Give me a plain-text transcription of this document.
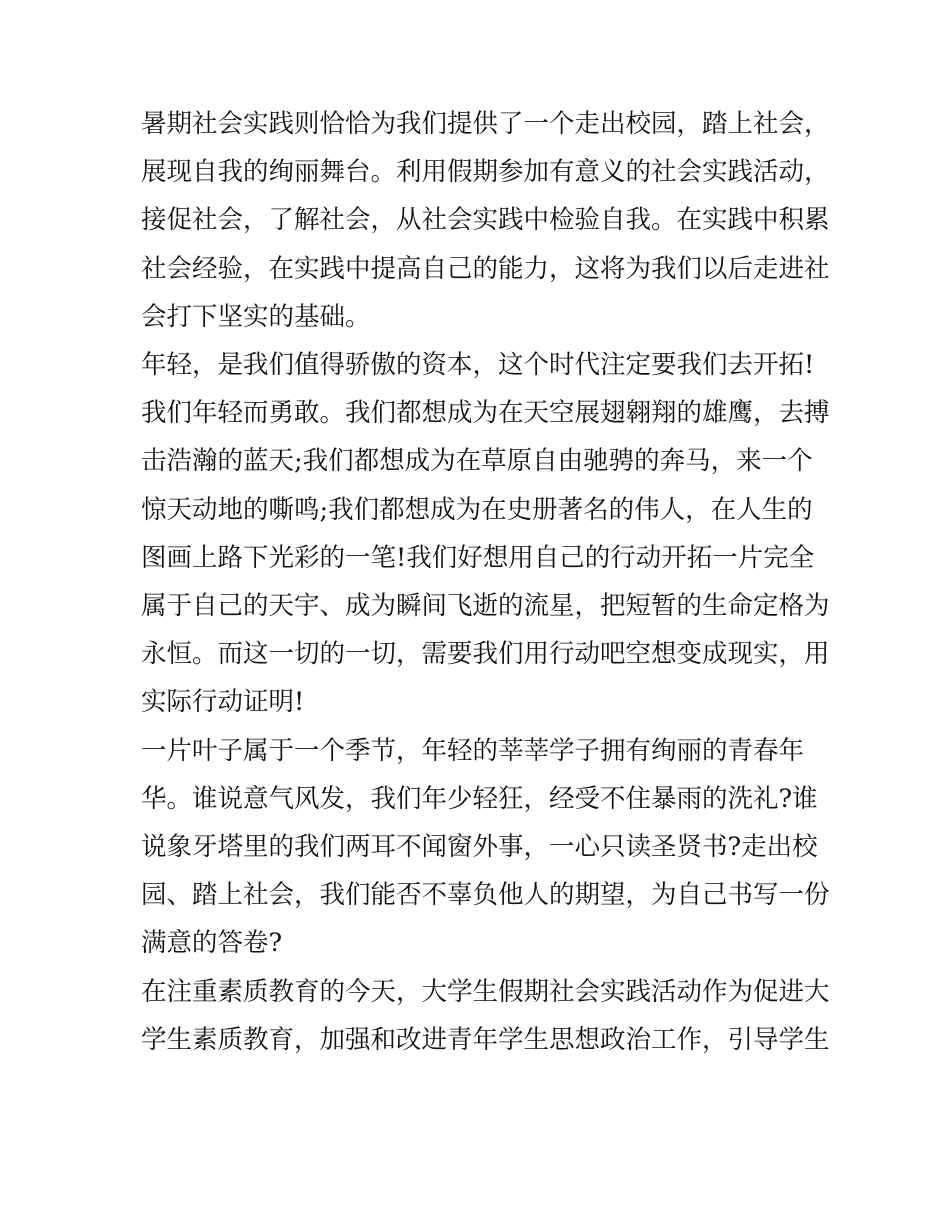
暑期社会实践则恰恰为我们提供了一个走出校园，踏上社会，
展现自我的绚丽舞台。利用假期参加有意义的社会实践活动，
接促社会，了解社会，从社会实践中检验自我。在实践中积累
社会经验，在实践中提高自己的能力，这将为我们以后走进社
会打下坚实的基础。
年轻，是我们值得骄傲的资本，这个时代注定要我们去开拓!
我们年轻而勇敢。我们都想成为在天空展翅翱翔的雄鹰，去搏
击浩瀚的蓝天;我们都想成为在草原自由驰骋的奔马，来一个
惊天动地的嘶鸣;我们都想成为在史册著名的伟人，在人生的
图画上路下光彩的一笔!我们好想用自己的行动开拓一片完全
属于自己的天宇、成为瞬间飞逝的流星，把短暂的生命定格为
永恒。而这一切的一切，需要我们用行动吧空想变成现实，用
实际行动证明!
一片叶子属于一个季节，年轻的莘莘学子拥有绚丽的青春年
华。谁说意气风发，我们年少轻狂，经受不住暴雨的洗礼?谁
说象牙塔里的我们两耳不闻窗外事，一心只读圣贤书?走出校
园、踏上社会，我们能否不辜负他人的期望，为自己书写一份
满意的答卷?
在注重素质教育的今天，大学生假期社会实践活动作为促进大
学生素质教育，加强和改进青年学生思想政治工作，引导学生
